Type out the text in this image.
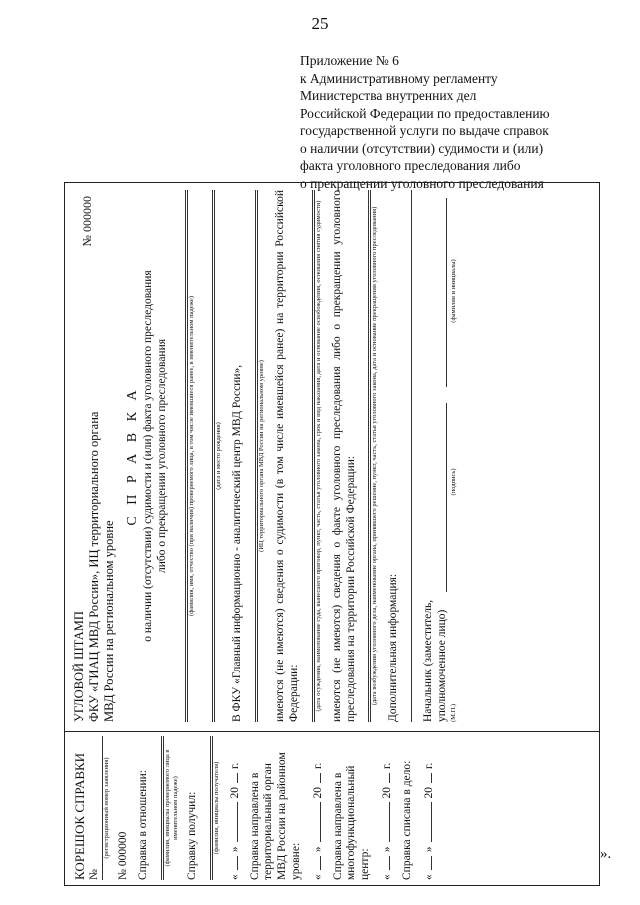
25
Приложение № 6
к Административному регламенту
Министерства внутренних дел
Российской Федерации по предоставлению
государственной услуги по выдаче справок
о наличии (отсутствии) судимости и (или)
факта уголовного преследования либо
о прекращении уголовного преследования
КОРЕШОК СПРАВКИ №
(регистрационный номер заявления) № 000000 Справка в отношении: (фамилия, инициалы проверяемого лица в именительном падеже) Справку получил: (фамилия, инициалы получателя)
«
»
20
г.
Справка направлена в территориальный орган МВД России на районном уровне: «
»
20
г.
Справка направлена в многофункциональный центр: «
»
20
г. Справка списана в дело: «
»
20
г.
УГЛОВОЙ ШТАМП ФКУ «ГИАЦ МВД России», ИЦ территориального органа МВД России на региональном уровне
№ 000000
С П Р А В К А о наличии (отсутствии) судимости и (или) факта уголовного преследования либо о прекращении уголовного преследования	(фамилия, имя, отчество (при наличии) проверяемого лица, в том числе имевшиеся ранее, в именительном падеже)	(дата и место рождения) В ФКУ «Главный информационно - аналитический центр МВД России», (ИЦ территориального органа МВД России на региональном уровне) имеются (не имеются) сведения о судимости (в том числе имевшейся ранее) на территории Российской Федерации: (дата осуждения, наименование суда, вынесшего приговор, пункт, часть, статья уголовного закона, срок и вид наказания, дата и основание освобождения, основания снятия судимости) имеются (не имеются) сведения о факте уголовного преследования либо о прекращении уголовного преследования на территории Российской Федерации: (дата возбуждения уголовного дела, наименование органа, принявшего решение, пункт, часть, статья уголовного закона, дата и основание прекращения уголовного преследования) Дополнительная информация: Начальник (заместитель, уполномоченное лицо) (М.П.)
(подпись)
(фамилия и инициалы)
».
